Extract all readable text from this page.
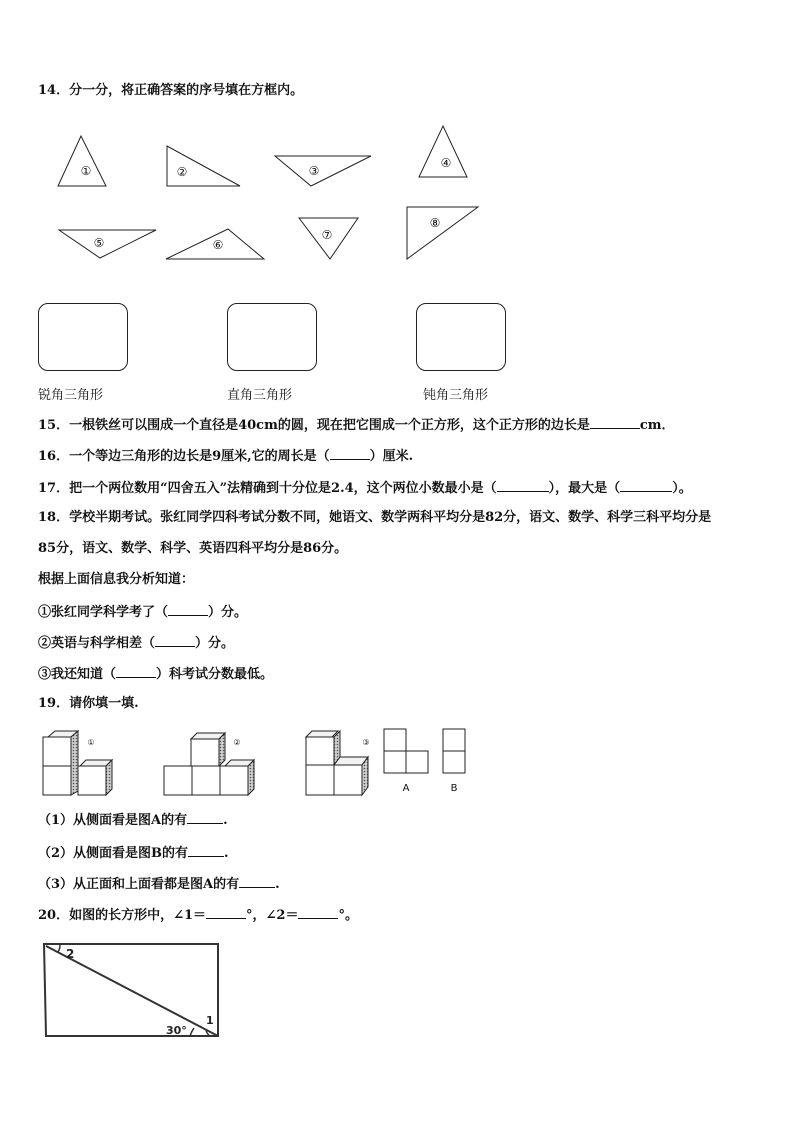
14．分一分，将正确答案的序号填在方框内。
①	②	③
④
⑤	⑥
⑦
⑧
锐角三角形	直角三角形	钝角三角形
15．一根铁丝可以围成一个直径是40cm的圆，现在把它围成一个正方形，这个正方形的边长是	cm．
16．一个等边三角形的边长是9厘米,它的周长是（	）厘米.
17．把一个两位数用“四舍五入”法精确到十分位是2.4，这个两位小数最小是（	），最大是（	）。
18．学校半期考试。张红同学四科考试分数不同，她语文、数学两科平均分是82分，语文、数学、科学三科平均分是
85分，语文、数学、科学、英语四科平均分是86分。
根据上面信息我分析知道：
①张红同学科学考了（	）分。
②英语与科学相差（	）分。
③我还知道（	）科考试分数最低。
19．请你填一填.
①	②	③
A	B
（1）从侧面看是图A的有	.
（2）从侧面看是图B的有	.
（3）从正面和上面看都是图A的有	.
20．如图的长方形中，∠1＝	°，∠2＝	°。
2
1
30°
